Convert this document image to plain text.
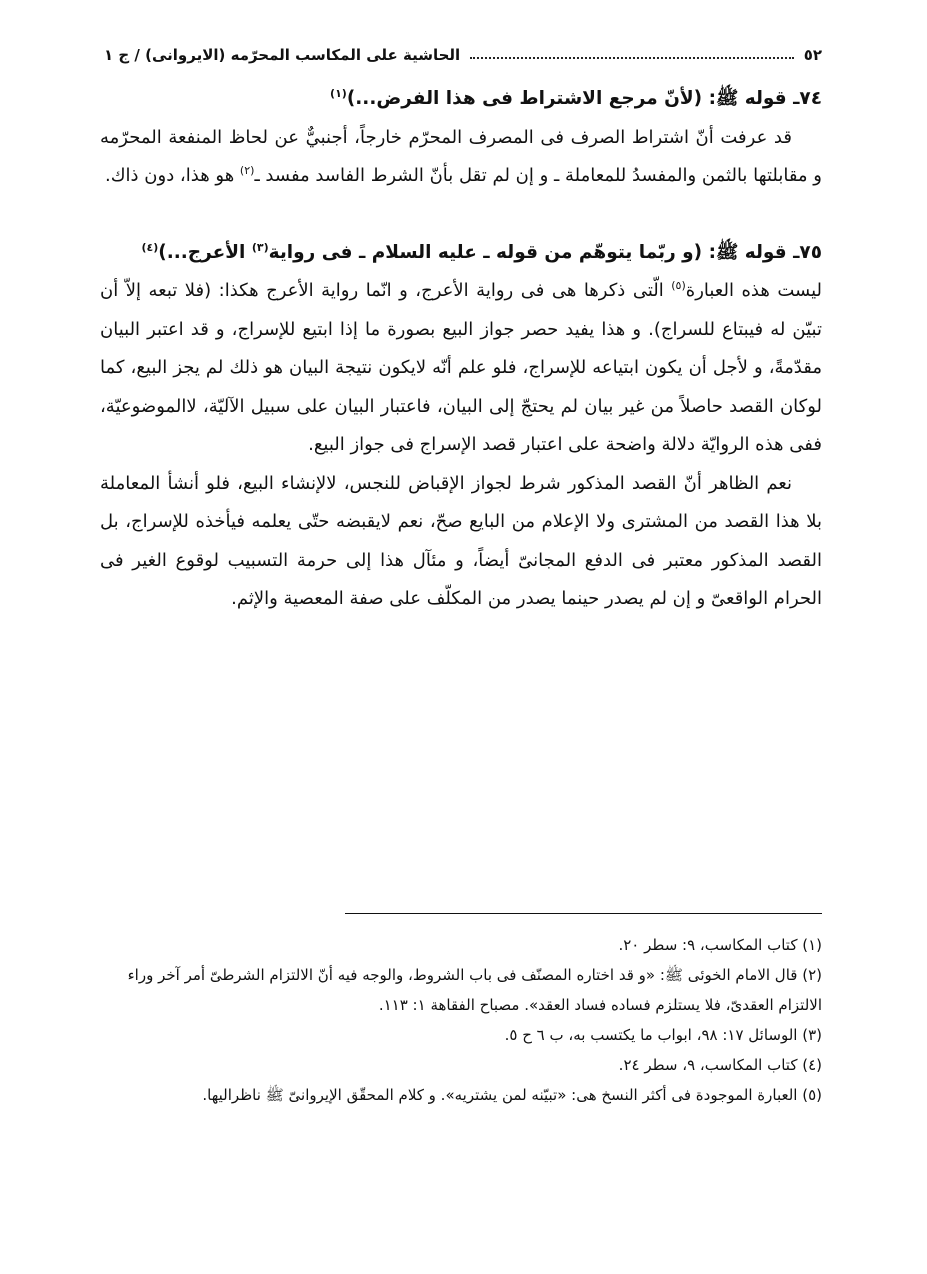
الحاشية على المكاسب المحرّمه (الايروانى) / ج ١	٥٢

٧٤ـ قوله ﷺ: (لأنّ مرجع الاشتراط فى هذا الفرض...)$^{(١)}$

قد عرفت أنّ اشتراط الصرف فى المصرف المحرّم خارجاً، أجنبيٌّ عن لحاظ المنفعة المحرّمه و مقابلتها بالثمن والمفسدُ للمعاملة ـ و إن لم تقل بأنّ الشرط الفاسد مفسد ـ$^{(٢)}$ هو هذا، دون ذاك.

٧٥ـ قوله ﷺ: (و ربّما يتوهّم من قوله ـ عليه السلام ـ فى رواية$^{(٣)}$ الأعرج...)$^{(٤)}$

ليست هذه العبارة$^{(٥)}$ الّتى ذكرها هى فى رواية الأعرج، و انّما رواية الأعرج هكذا: (فلا تبعه إلاّ أن تبيّن له فيبتاع للسراج). و هذا يفيد حصر جواز البيع بصورة ما إذا ابتيع للإسراج، و قد اعتبر البيان مقدّمةً، و لأجل أن يكون ابتياعه للإسراج، فلو علم أنّه لايكون نتيجة البيان هو ذلك لم يجز البيع، كما لوكان القصد حاصلاً من غير بيان لم يحتجّ إلى البيان، فاعتبار البيان على سبيل الآليّة، لاالموضوعيّة، ففى هذه الروايّة دلالة واضحة على اعتبار قصد الإسراج فى جواز البيع.

نعم الظاهر أنّ القصد المذكور شرط لجواز الإقباض للنجس، لالإنشاء البيع، فلو أنشأ المعاملة بلا هذا القصد من المشترى ولا الإعلام من البايع صحّ، نعم لايقبضه حتّى يعلمه فيأخذه للإسراج، بل القصد المذكور معتبر فى الدفع المجانىّ أيضاً، و مئآل هذا إلى حرمة التسبيب لوقوع الغير فى الحرام الواقعىّ و إن لم يصدر حينما يصدر من المكلّف على صفة المعصية والإثم.

(١) كتاب المكاسب، ٩: سطر ٢٠.

(٢) قال الامام الخوئى ﷺ: «و قد اختاره المصنّف فى باب الشروط، والوجه فيه أنّ الالتزام الشرطىّ أمر آخر وراء الالتزام العقدىّ، فلا يستلزم فساده فساد العقد». مصباح الفقاهة ١: ١١٣.

(٣) الوسائل ١٧: ٩٨، ابواب ما يكتسب به، ب ٦ ح ٥.

(٤) كتاب المكاسب، ٩، سطر ٢٤.

(٥) العبارة الموجودة فى أكثر النسخ هى: «تبيّنه لمن يشتريه». و كلام المحقّق الإيروانىّ ﷺ ناظراليها.
